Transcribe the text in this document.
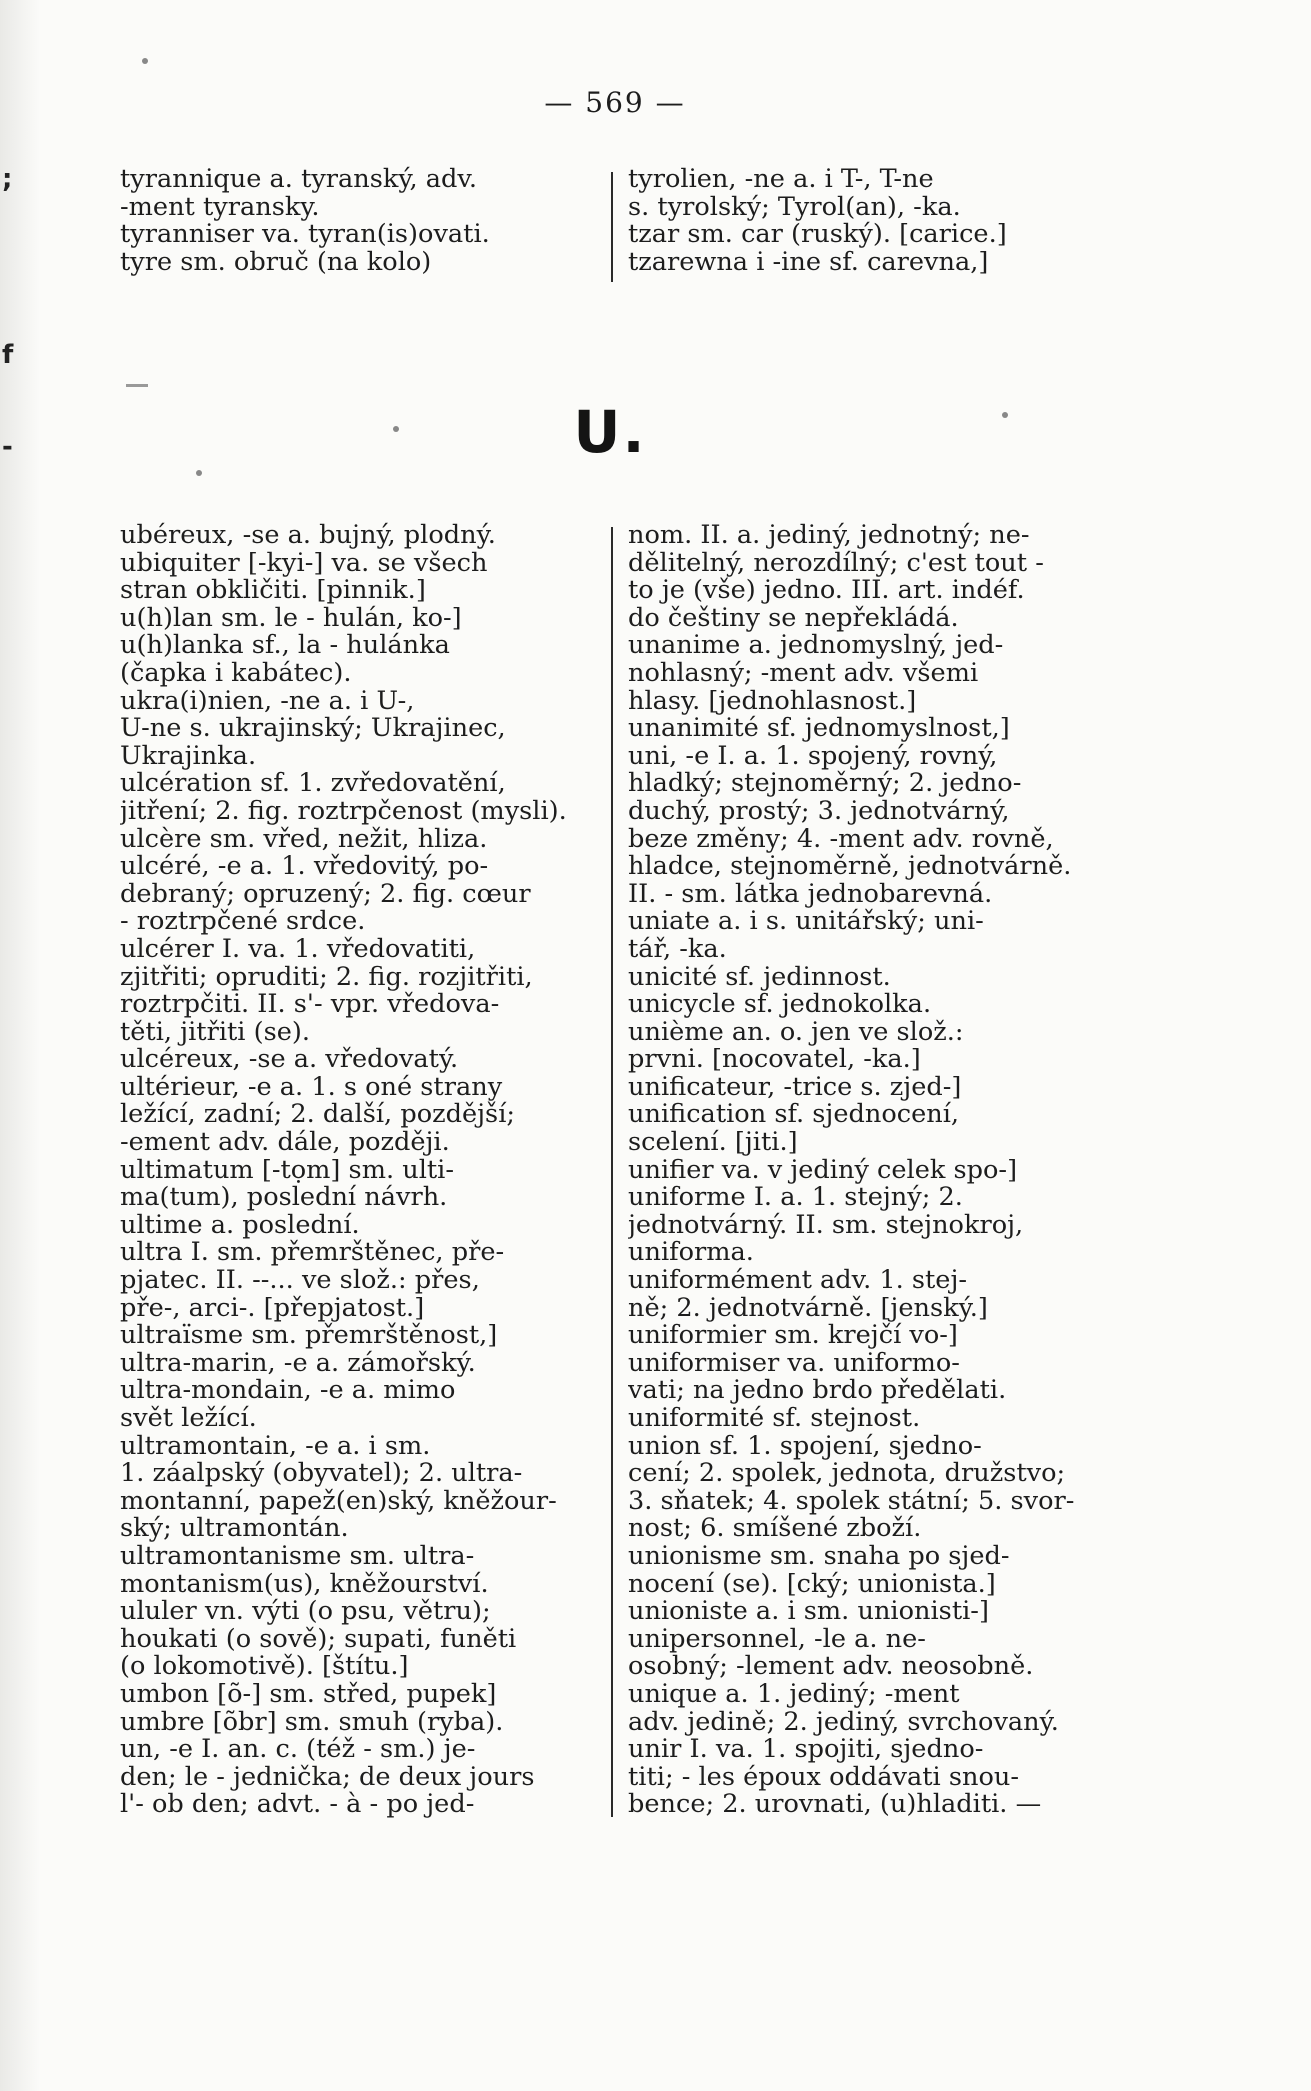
;
f
-
— 569 —
tyrannique a. tyranský, adv.
-ment tyransky.
tyranniser va. tyran(is)ovati.
tyre sm. obruč (na kolo)
tyrolien, -ne a. i T-, T-ne
s. tyrolský; Tyrol(an), -ka.
tzar sm. car (ruský). [carice.]
tzarewna i -ine sf. carevna,]
U.
ubéreux, -se a. bujný, plodný.
ubiquiter [-kyi-] va. se všech
stran obkličiti. [pinnik.]
u(h)lan sm. le - hulán, ko-]
u(h)lanka sf., la - hulánka
(čapka i kabátec).
ukra(i)nien, -ne a. i U-,
U-ne s. ukrajinský; Ukrajinec,
Ukrajinka.
ulcération sf. 1. zvředovatění,
jitření; 2. fig. roztrpčenost (mysli).
ulcère sm. vřed, nežit, hliza.
ulcéré, -e a. 1. vředovitý, po-
debraný; opruzený; 2. fig. cœur
- roztrpčené srdce.
ulcérer I. va. 1. vředovatiti,
zjitřiti; opruditi; 2. fig. rozjitřiti,
roztrpčiti. II. s'- vpr. vředova-
těti, jitřiti (se).
ulcéreux, -se a. vředovatý.
ultérieur, -e a. 1. s oné strany
ležící, zadní; 2. další, pozdější;
-ement adv. dále, později.
ultimatum [-tọm] sm. ulti-
ma(tum), poslední návrh.
ultime a. poslední.
ultra I. sm. přemrštěnec, pře-
pjatec. II. --... ve slož.: přes,
pře-, arci-. [přepjatost.]
ultraïsme sm. přemrštěnost,]
ultra-marin, -e a. zámořský.
ultra-mondain, -e a. mimo
svět ležící.
ultramontain, -e a. i sm.
1. záalpský (obyvatel); 2. ultra-
montanní, papež(en)ský, kněžour-
ský; ultramontán.
ultramontanisme sm. ultra-
montanism(us), kněžourství.
ululer vn. výti (o psu, větru);
houkati (o sově); supati, funěti
(o lokomotivě). [štítu.]
umbon [õ-] sm. střed, pupek]
umbre [õbr] sm. smuh (ryba).
un, -e I. an. c. (též - sm.) je-
den; le - jednička; de deux jours
l'- ob den; advt. - à - po jed-
nom. II. a. jediný, jednotný; ne-
dělitelný, nerozdílný; c'est tout -
to je (vše) jedno. III. art. indéf.
do češtiny se nepřekládá.
unanime a. jednomyslný, jed-
nohlasný; -ment adv. všemi
hlasy. [jednohlasnost.]
unanimité sf. jednomyslnost,]
uni, -e I. a. 1. spojený, rovný,
hladký; stejnoměrný; 2. jedno-
duchý, prostý; 3. jednotvárný,
beze změny; 4. -ment adv. rovně,
hladce, stejnoměrně, jednotvárně.
II. - sm. látka jednobarevná.
uniate a. i s. unitářský; uni-
tář, -ka.
unicité sf. jedinnost.
unicycle sf. jednokolka.
unième an. o. jen ve slož.:
prvni. [nocovatel, -ka.]
unificateur, -trice s. zjed-]
unification sf. sjednocení,
scelení. [jiti.]
unifier va. v jediný celek spo-]
uniforme I. a. 1. stejný; 2.
jednotvárný. II. sm. stejnokroj,
uniforma.
uniformément adv. 1. stej-
ně; 2. jednotvárně. [jenský.]
uniformier sm. krejčí vo-]
uniformiser va. uniformo-
vati; na jedno brdo předělati.
uniformité sf. stejnost.
union sf. 1. spojení, sjedno-
cení; 2. spolek, jednota, družstvo;
3. sňatek; 4. spolek státní; 5. svor-
nost; 6. smíšené zboží.
unionisme sm. snaha po sjed-
nocení (se). [cký; unionista.]
unioniste a. i sm. unionisti-]
unipersonnel, -le a. ne-
osobný; -lement adv. neosobně.
unique a. 1. jediný; -ment
adv. jedině; 2. jediný, svrchovaný.
unir I. va. 1. spojiti, sjedno-
titi; - les époux oddávati snou-
bence; 2. urovnati, (u)hladiti. —
